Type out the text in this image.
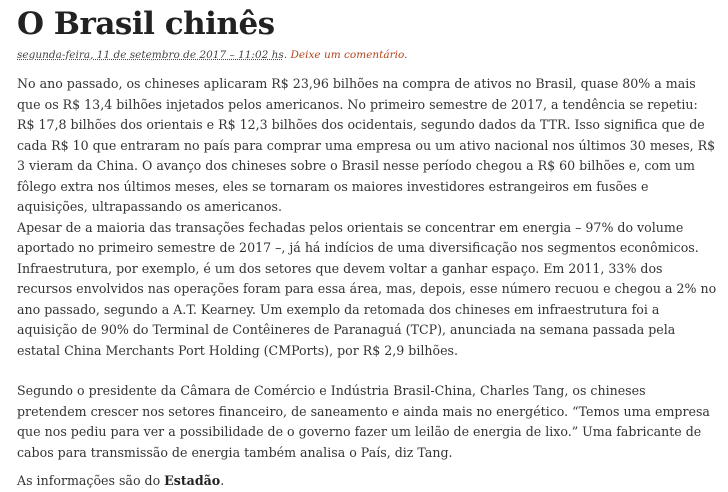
O Brasil chinês
segunda-feira, 11 de setembro de 2017 – 11:02 hs. Deixe um comentário.

No ano passado, os chineses aplicaram R$ 23,96 bilhões na compra de ativos no Brasil, quase 80% a mais que os R$ 13,4 bilhões injetados pelos americanos. No primeiro semestre de 2017, a tendência se repetiu: R$ 17,8 bilhões dos orientais e R$ 12,3 bilhões dos ocidentais, segundo dados da TTR. Isso significa que de cada R$ 10 que entraram no país para comprar uma empresa ou um ativo nacional nos últimos 30 meses, R$ 3 vieram da China. O avanço dos chineses sobre o Brasil nesse período chegou a R$ 60 bilhões e, com um fôlego extra nos últimos meses, eles se tornaram os maiores investidores estrangeiros em fusões e aquisições, ultrapassando os americanos.

Apesar de a maioria das transações fechadas pelos orientais se concentrar em energia – 97% do volume aportado no primeiro semestre de 2017 –, já há indícios de uma diversificação nos segmentos econômicos. Infraestrutura, por exemplo, é um dos setores que devem voltar a ganhar espaço. Em 2011, 33% dos recursos envolvidos nas operações foram para essa área, mas, depois, esse número recuou e chegou a 2% no ano passado, segundo a A.T. Kearney. Um exemplo da retomada dos chineses em infraestrutura foi a aquisição de 90% do Terminal de Contêineres de Paranaguá (TCP), anunciada na semana passada pela estatal China Merchants Port Holding (CMPorts), por R$ 2,9 bilhões.

Segundo o presidente da Câmara de Comércio e Indústria Brasil-China, Charles Tang, os chineses pretendem crescer nos setores financeiro, de saneamento e ainda mais no energético. “Temos uma empresa que nos pediu para ver a possibilidade de o governo fazer um leilão de energia de lixo.” Uma fabricante de cabos para transmissão de energia também analisa o País, diz Tang.

As informações são do Estadão.
